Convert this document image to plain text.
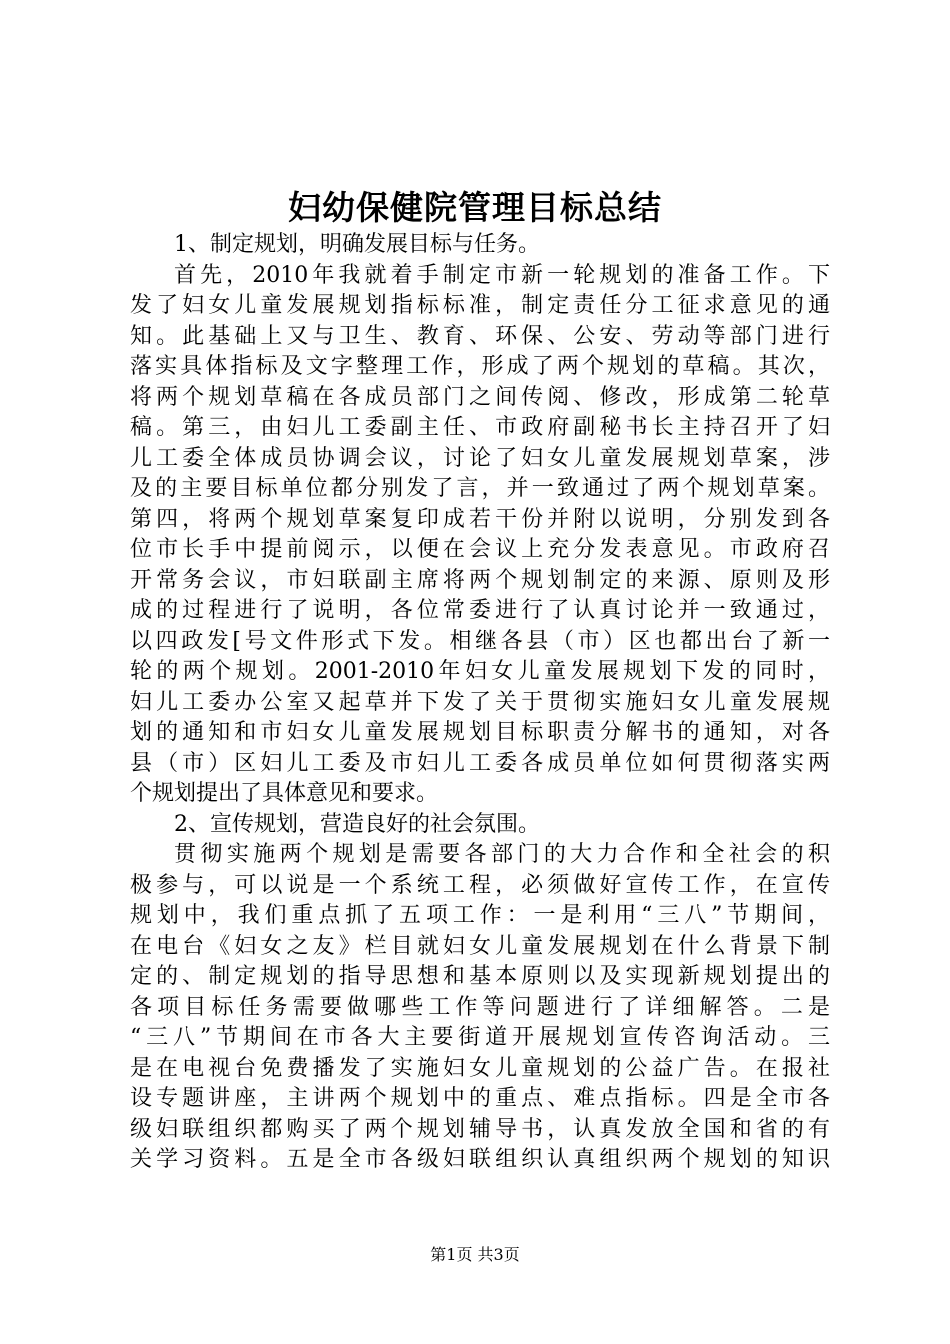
妇幼保健院管理目标总结
1、制定规划，明确发展目标与任务。
首先，2010年我就着手制定市新一轮规划的准备工作。下
发了妇女儿童发展规划指标标准，制定责任分工征求意见的通
知。此基础上又与卫生、教育、环保、公安、劳动等部门进行
落实具体指标及文字整理工作，形成了两个规划的草稿。其次，
将两个规划草稿在各成员部门之间传阅、修改，形成第二轮草
稿。第三，由妇儿工委副主任、市政府副秘书长主持召开了妇
儿工委全体成员协调会议，讨论了妇女儿童发展规划草案，涉
及的主要目标单位都分别发了言，并一致通过了两个规划草案。
第四，将两个规划草案复印成若干份并附以说明，分别发到各
位市长手中提前阅示，以便在会议上充分发表意见。市政府召
开常务会议，市妇联副主席将两个规划制定的来源、原则及形
成的过程进行了说明，各位常委进行了认真讨论并一致通过，
以四政发[号文件形式下发。相继各县（市）区也都出台了新一
轮的两个规划。2001-2010年妇女儿童发展规划下发的同时，
妇儿工委办公室又起草并下发了关于贯彻实施妇女儿童发展规
划的通知和市妇女儿童发展规划目标职责分解书的通知，对各
县（市）区妇儿工委及市妇儿工委各成员单位如何贯彻落实两
个规划提出了具体意见和要求。
2、宣传规划，营造良好的社会氛围。
贯彻实施两个规划是需要各部门的大力合作和全社会的积
极参与，可以说是一个系统工程，必须做好宣传工作，在宣传
规划中，我们重点抓了五项工作：一是利用“三八”节期间，
在电台《妇女之友》栏目就妇女儿童发展规划在什么背景下制
定的、制定规划的指导思想和基本原则以及实现新规划提出的
各项目标任务需要做哪些工作等问题进行了详细解答。二是
“三八”节期间在市各大主要街道开展规划宣传咨询活动。三
是在电视台免费播发了实施妇女儿童规划的公益广告。在报社
设专题讲座，主讲两个规划中的重点、难点指标。四是全市各
级妇联组织都购买了两个规划辅导书，认真发放全国和省的有
关学习资料。五是全市各级妇联组织认真组织两个规划的知识
第1页 共3页
